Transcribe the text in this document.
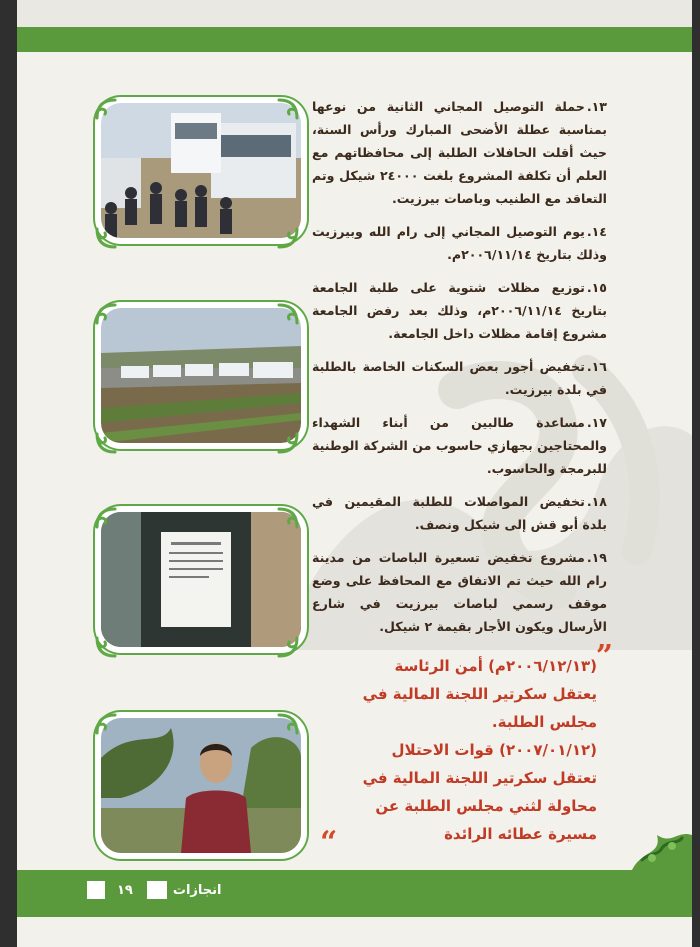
١٣.حملة التوصيل المجاني الثانية من نوعها بمناسبة عطلة الأضحى المبارك ورأس السنة، حيث أقلت الحافلات الطلبة إلى محافظاتهم مع العلم أن تكلفة المشروع بلغت ٢٤٠٠٠ شيكل وتم التعاقد مع الطنيب وباصات بيرزيت.

١٤.يوم التوصيل المجاني إلى رام الله وبيرزيت وذلك بتاريخ ٢٠٠٦/١١/١٤م.

١٥.توزيع مظلات شتوية على طلبة الجامعة بتاريخ ٢٠٠٦/١١/١٤م، وذلك بعد رفض الجامعة مشروع إقامة مظلات داخل الجامعة.

١٦.تخفيض أجور بعض السكنات الخاصة بالطلبة في بلدة بيرزيت.

١٧.مساعدة طالبين من أبناء الشهداء والمحتاجين بجهازي حاسوب من الشركة الوطنية للبرمجة والحاسوب.

١٨.تخفيض المواصلات للطلبة المقيمين في بلدة أبو قش إلى شيكل ونصف.

١٩.مشروع تخفيض تسعيرة الباصات من مدينة رام الله حيث تم الاتفاق مع المحافظ على وضع موقف رسمي لباصات بيرزيت في شارع الأرسال ويكون الأجار بقيمة ٢ شيكل.

”
(٢٠٠٦/١٢/١٣م) أمن الرئاسة
يعتقل سكرتير اللجنة المالية في
مجلس الطلبة.
(٢٠٠٧/٠١/١٢) قوات الاحتلال
تعتقل سكرتير اللجنة المالية في
محاولة لثني مجلس الطلبة عن
مسيرة عطائه الرائدة
“
١٩	انجازات
